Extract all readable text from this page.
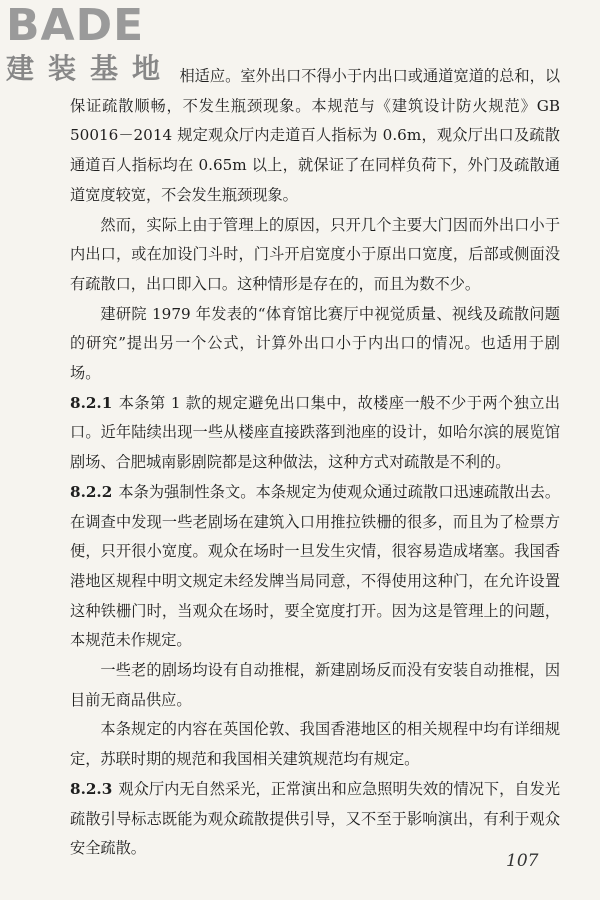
BADE
建装基地 相适应。室外出口不得小于内出口或通道宽道的总和，以保证疏散顺畅，不发生瓶颈现象。本规范与《建筑设计防火规范》GB 50016－2014 规定观众厅内走道百人指标为 0.6m，观众厅出口及疏散通道百人指标均在 0.65m 以上，就保证了在同样负荷下，外门及疏散通道宽度较宽，不会发生瓶颈现象。

然而，实际上由于管理上的原因，只开几个主要大门因而外出口小于内出口，或在加设门斗时，门斗开启宽度小于原出口宽度，后部或侧面没有疏散口，出口即入口。这种情形是存在的，而且为数不少。

建研院 1979 年发表的“体育馆比赛厅中视觉质量、视线及疏散问题的研究”提出另一个公式，计算外出口小于内出口的情况。也适用于剧场。

8.2.1 本条第 1 款的规定避免出口集中，故楼座一般不少于两个独立出口。近年陆续出现一些从楼座直接跌落到池座的设计，如哈尔滨的展览馆剧场、合肥城南影剧院都是这种做法，这种方式对疏散是不利的。

8.2.2 本条为强制性条文。本条规定为使观众通过疏散口迅速疏散出去。在调查中发现一些老剧场在建筑入口用推拉铁栅的很多，而且为了检票方便，只开很小宽度。观众在场时一旦发生灾情，很容易造成堵塞。我国香港地区规程中明文规定未经发牌当局同意，不得使用这种门，在允许设置这种铁栅门时，当观众在场时，要全宽度打开。因为这是管理上的问题，本规范未作规定。

一些老的剧场均设有自动推棍，新建剧场反而没有安装自动推棍，因目前无商品供应。

本条规定的内容在英国伦敦、我国香港地区的相关规程中均有详细规定，苏联时期的规范和我国相关建筑规范均有规定。

8.2.3 观众厅内无自然采光，正常演出和应急照明失效的情况下，自发光疏散引导标志既能为观众疏散提供引导，又不至于影响演出，有利于观众安全疏散。

107
